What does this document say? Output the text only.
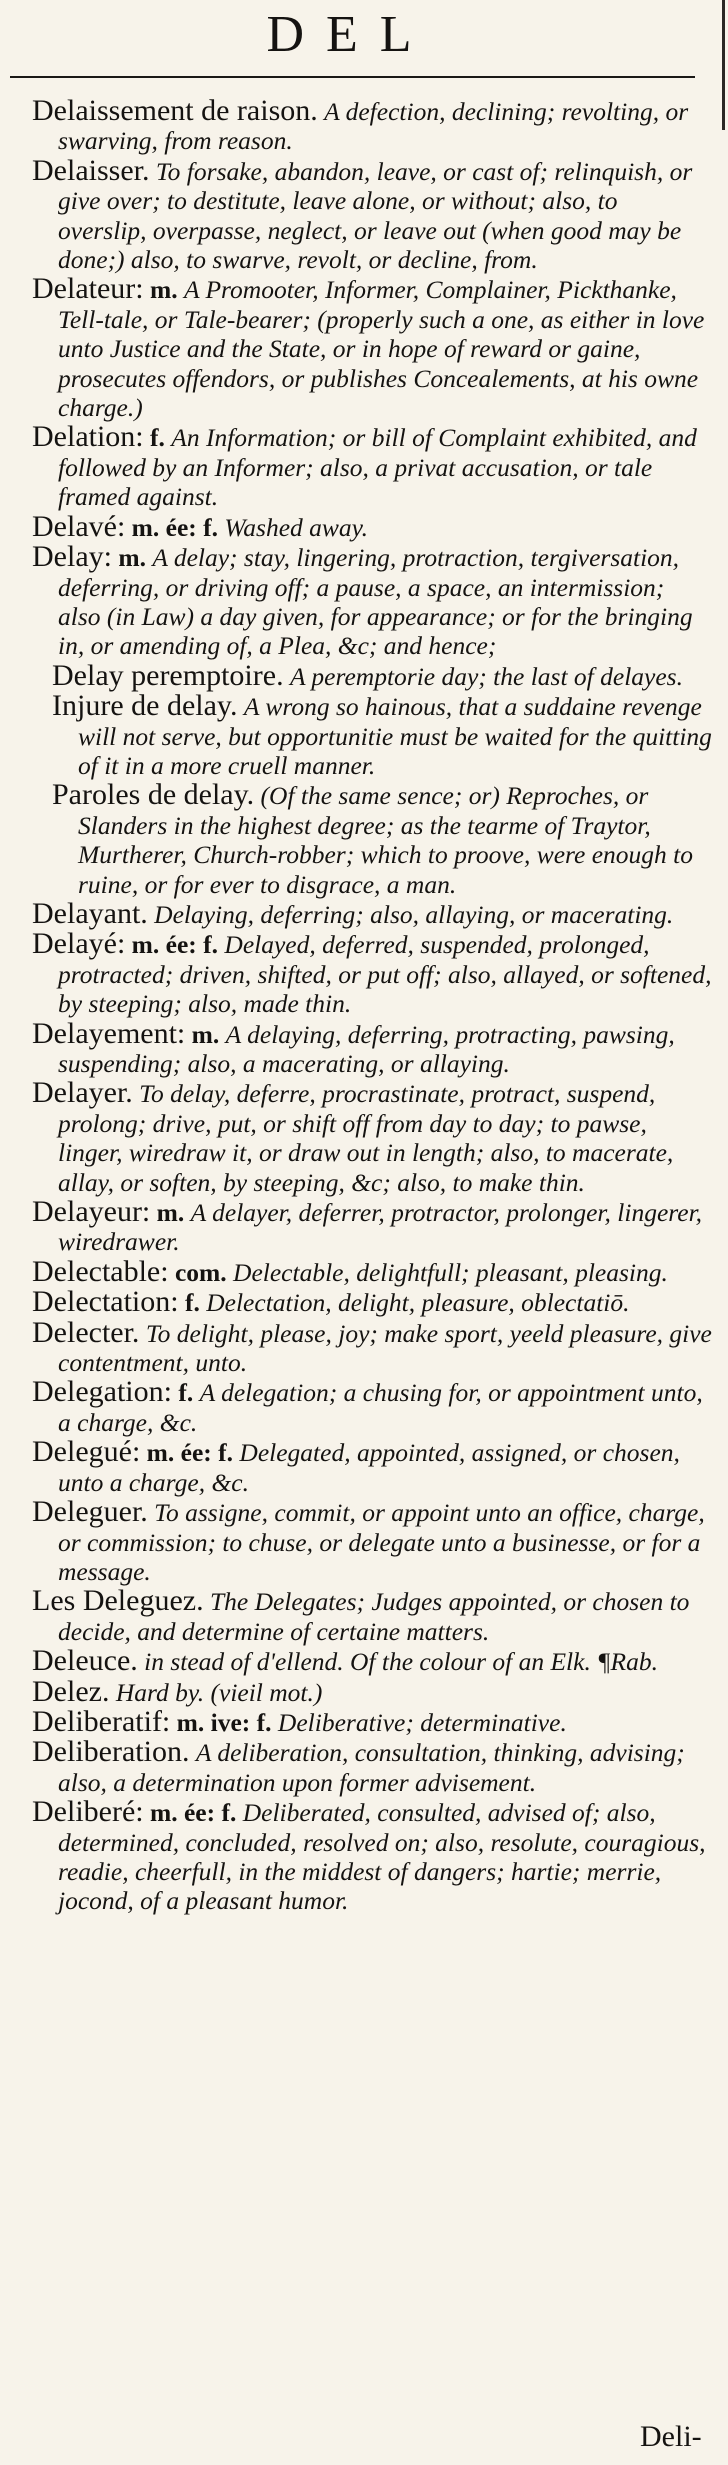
DEL

Delaissement de raison. A defection, declining; revolting, or swarving, from reason.

Delaisser. To forsake, abandon, leave, or cast of; relinquish, or give over; to destitute, leave alone, or without; also, to overslip, overpasse, neglect, or leave out (when good may be done;) also, to swarve, revolt, or decline, from.

Delateur: m. A Promooter, Informer, Complainer, Pickthanke, Tell-tale, or Tale-bearer; (properly such a one, as either in love unto Justice and the State, or in hope of reward or gaine, prosecutes offendors, or publishes Concealements, at his owne charge.)

Delation: f. An Information; or bill of Complaint exhibited, and followed by an Informer; also, a privat accusation, or tale framed against.

Delavé: m. ée: f. Washed away.

Delay: m. A delay; stay, lingering, protraction, tergiversation, deferring, or driving off; a pause, a space, an intermission; also (in Law) a day given, for appearance; or for the bringing in, or amending of, a Plea, &c; and hence;

Delay peremptoire. A peremptorie day; the last of delayes.

Injure de delay. A wrong so hainous, that a suddaine revenge will not serve, but opportunitie must be waited for the quitting of it in a more cruell manner.

Paroles de delay. (Of the same sence; or) Reproches, or Slanders in the highest degree; as the tearme of Traytor, Murtherer, Church-robber; which to proove, were enough to ruine, or for ever to disgrace, a man.

Delayant. Delaying, deferring; also, allaying, or macerating.

Delayé: m. ée: f. Delayed, deferred, suspended, prolonged, protracted; driven, shifted, or put off; also, allayed, or softened, by steeping; also, made thin.

Delayement: m. A delaying, deferring, protracting, pawsing, suspending; also, a macerating, or allaying.

Delayer. To delay, deferre, procrastinate, protract, suspend, prolong; drive, put, or shift off from day to day; to pawse, linger, wiredraw it, or draw out in length; also, to macerate, allay, or soften, by steeping, &c; also, to make thin.

Delayeur: m. A delayer, deferrer, protractor, prolonger, lingerer, wiredrawer.

Delectable: com. Delectable, delightfull; pleasant, pleasing.

Delectation: f. Delectation, delight, pleasure, oblectatiō.

Delecter. To delight, please, joy; make sport, yeeld pleasure, give contentment, unto.

Delegation: f. A delegation; a chusing for, or appointment unto, a charge, &c.

Delegué: m. ée: f. Delegated, appointed, assigned, or chosen, unto a charge, &c.

Deleguer. To assigne, commit, or appoint unto an office, charge, or commission; to chuse, or delegate unto a businesse, or for a message.

Les Deleguez. The Delegates; Judges appointed, or chosen to decide, and determine of certaine matters.

Deleuce. in stead of d'ellend. Of the colour of an Elk. ¶Rab.

Delez. Hard by. (vieil mot.)

Deliberatif: m. ive: f. Deliberative; determinative.

Deliberation. A deliberation, consultation, thinking, advising; also, a determination upon former advisement.

Deliberé: m. ée: f. Deliberated, consulted, advised of; also, determined, concluded, resolved on; also, resolute, couragious, readie, cheerfull, in the middest of dangers; hartie; merrie, jocond, of a pleasant humor.

Deli-
